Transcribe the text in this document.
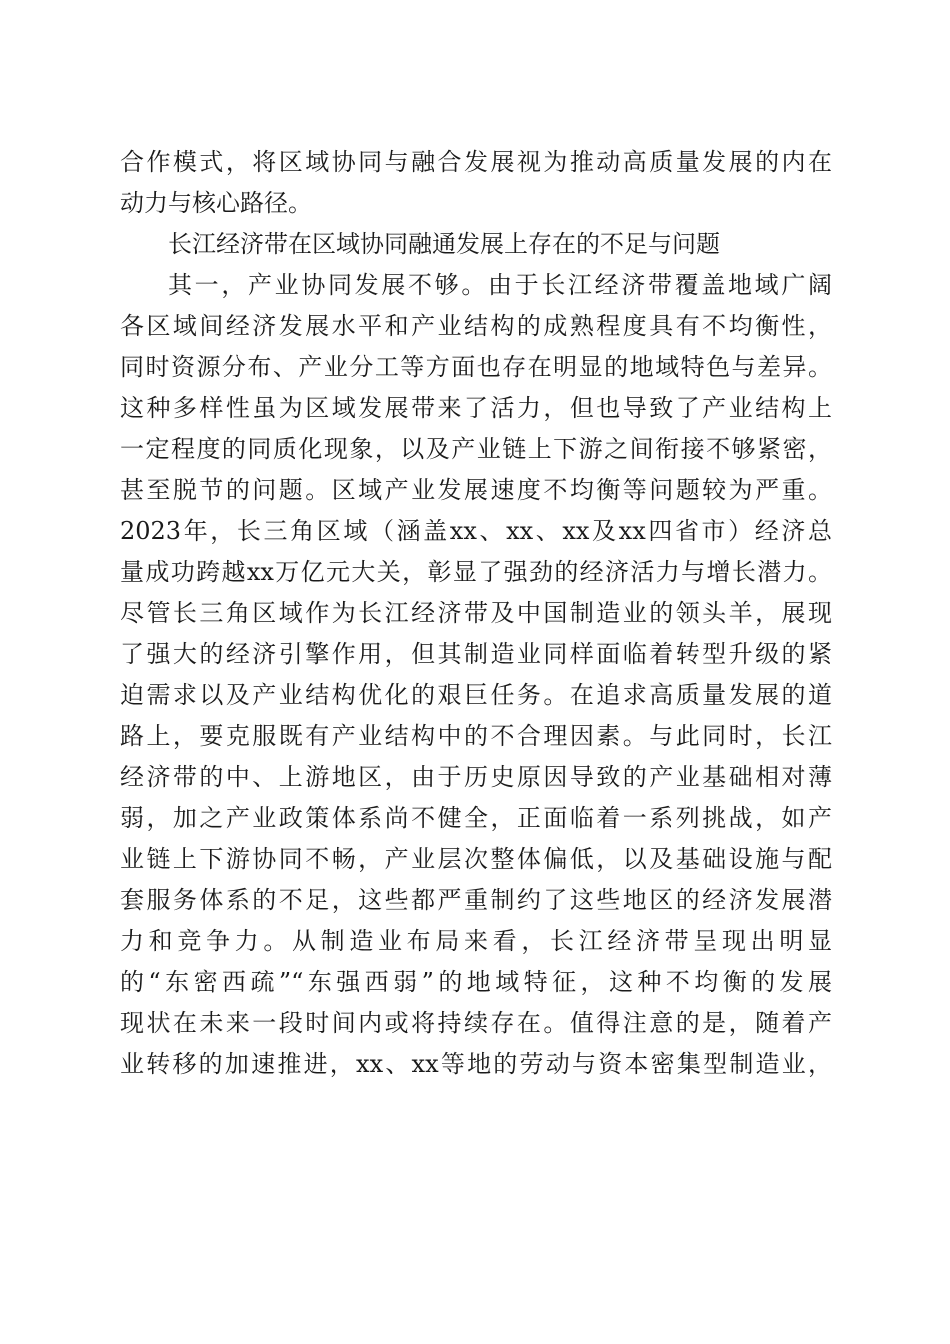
合作模式，将区域协同与融合发展视为推动高质量发展的内在
动力与核心路径。
长江经济带在区域协同融通发展上存在的不足与问题
其一，产业协同发展不够。由于长江经济带覆盖地域广阔
各区域间经济发展水平和产业结构的成熟程度具有不均衡性，
同时资源分布、产业分工等方面也存在明显的地域特色与差异。
这种多样性虽为区域发展带来了活力，但也导致了产业结构上
一定程度的同质化现象，以及产业链上下游之间衔接不够紧密，
甚至脱节的问题。区域产业发展速度不均衡等问题较为严重。
2023年，长三角区域（涵盖xx、xx、xx及xx四省市）经济总
量成功跨越xx万亿元大关，彰显了强劲的经济活力与增长潜力。
尽管长三角区域作为长江经济带及中国制造业的领头羊，展现
了强大的经济引擎作用，但其制造业同样面临着转型升级的紧
迫需求以及产业结构优化的艰巨任务。在追求高质量发展的道
路上，要克服既有产业结构中的不合理因素。与此同时，长江
经济带的中、上游地区，由于历史原因导致的产业基础相对薄
弱，加之产业政策体系尚不健全，正面临着一系列挑战，如产
业链上下游协同不畅，产业层次整体偏低，以及基础设施与配
套服务体系的不足，这些都严重制约了这些地区的经济发展潜
力和竞争力。从制造业布局来看，长江经济带呈现出明显
的“东密西疏”“东强西弱”的地域特征，这种不均衡的发展
现状在未来一段时间内或将持续存在。值得注意的是，随着产
业转移的加速推进，xx、xx等地的劳动与资本密集型制造业，
